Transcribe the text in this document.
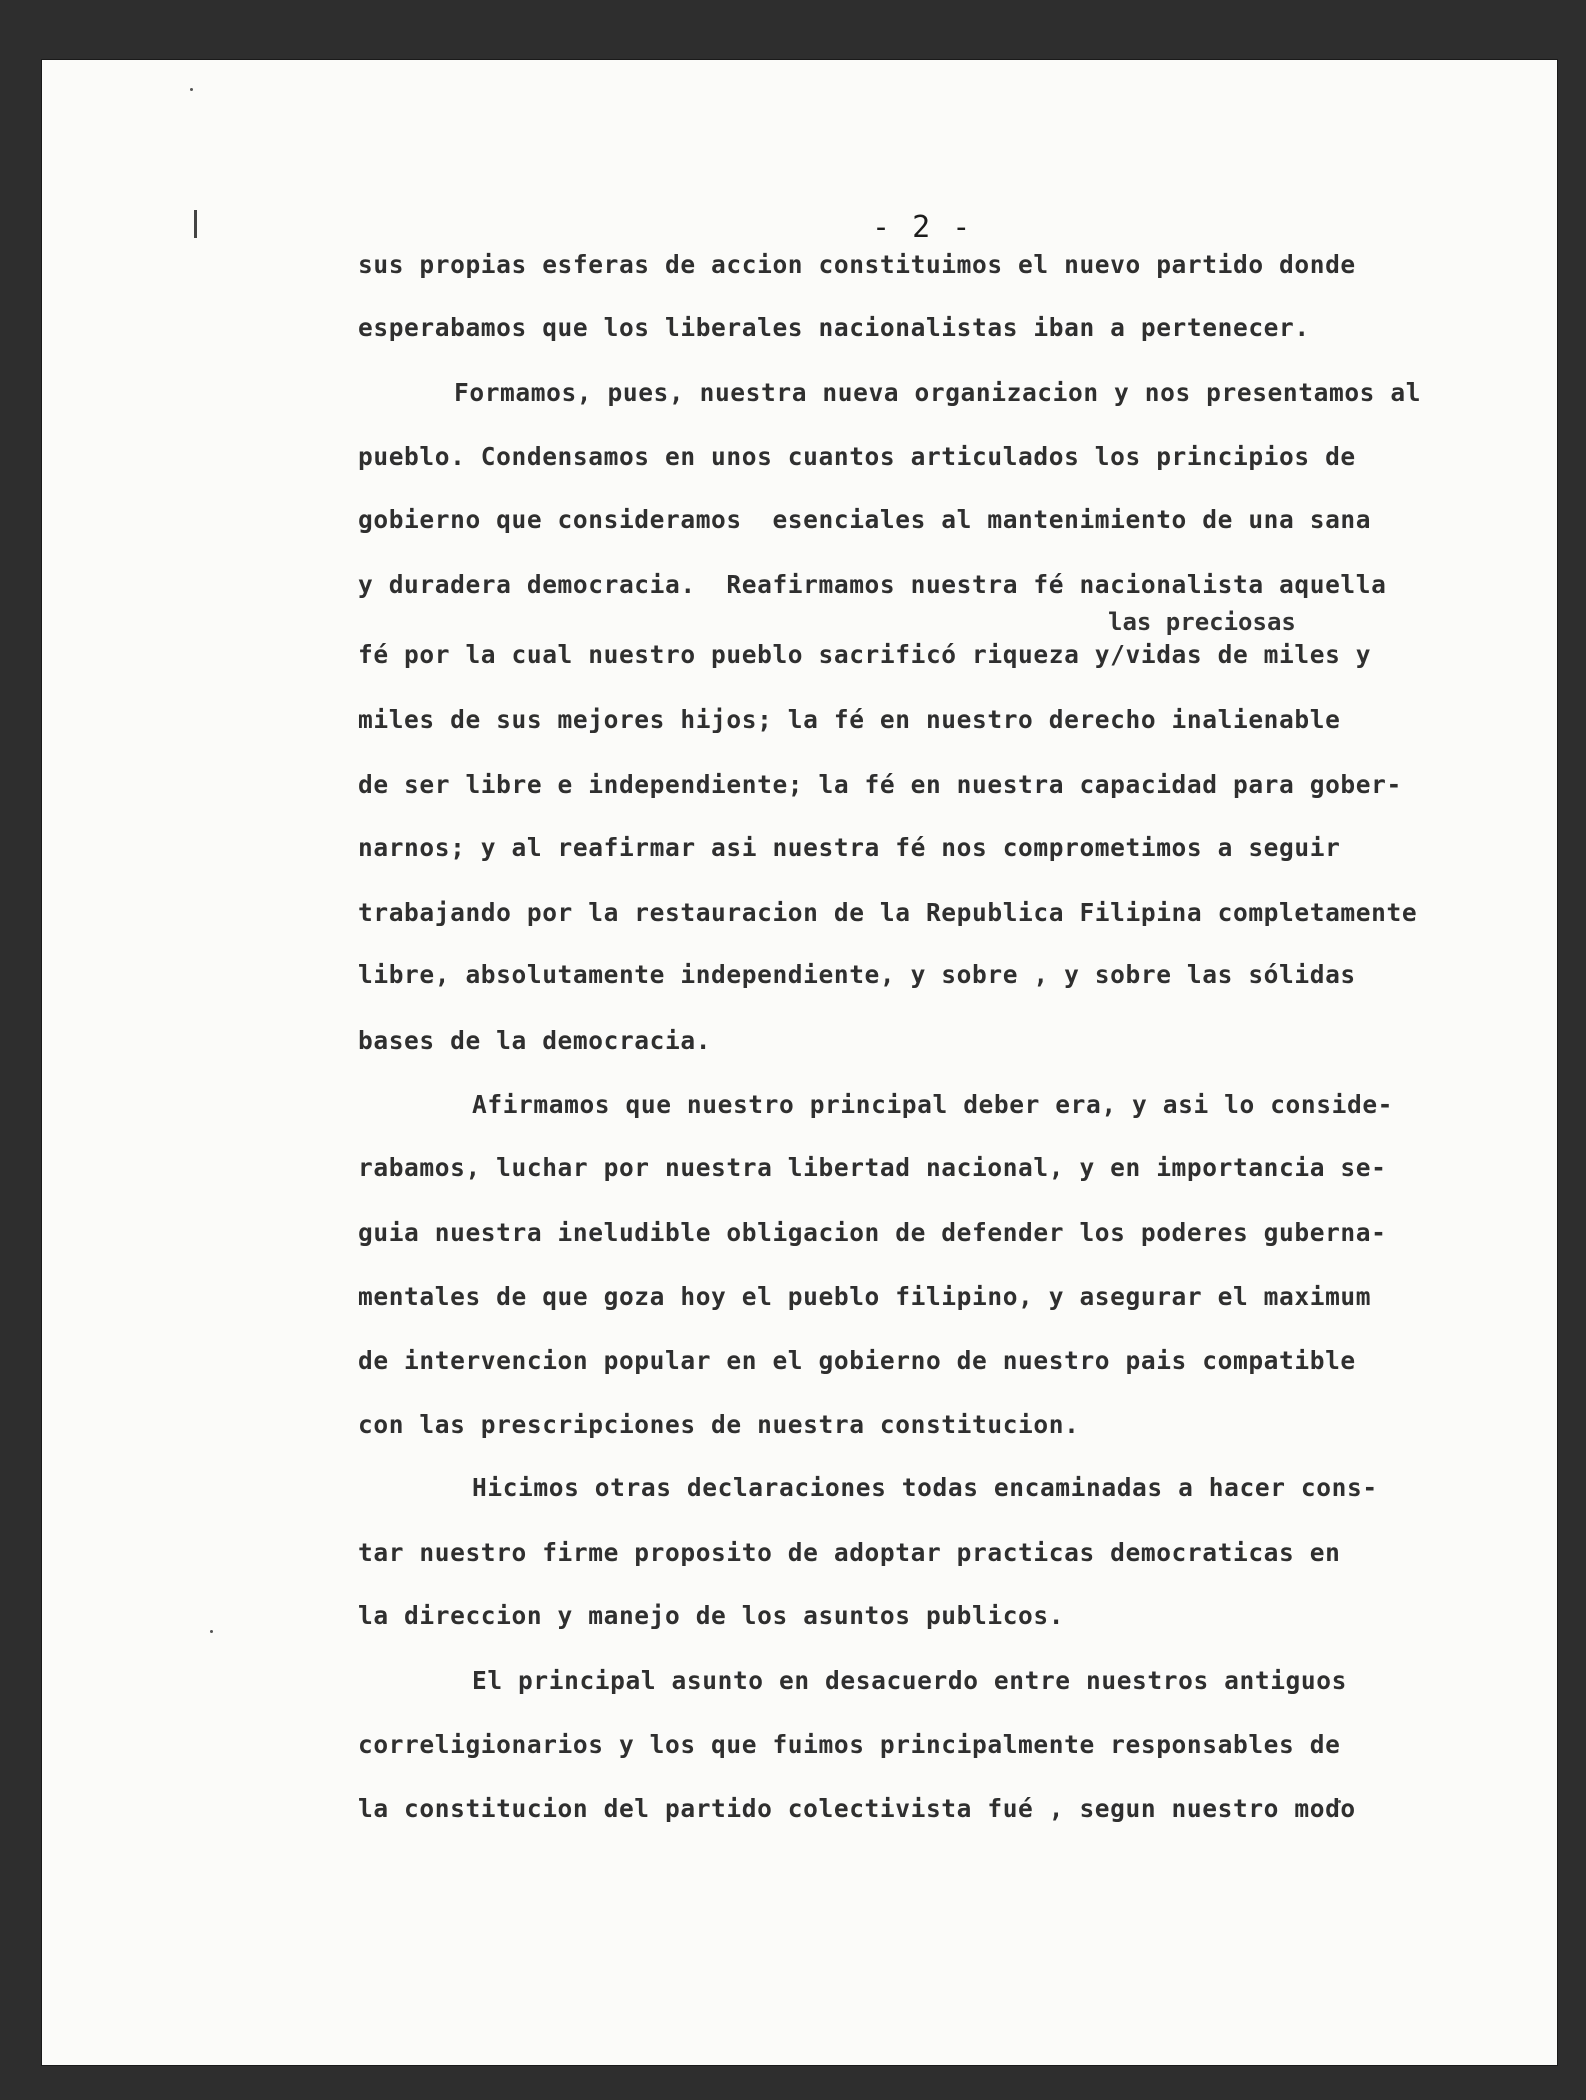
- 2 -
sus propias esferas de accion constituimos el nuevo partido donde
esperabamos que los liberales nacionalistas iban a pertenecer.
Formamos, pues, nuestra nueva organizacion y nos presentamos al
pueblo. Condensamos en unos cuantos articulados los principios de
gobierno que consideramos  esenciales al mantenimiento de una sana
y duradera democracia.  Reafirmamos nuestra fé nacionalista aquella
las preciosas
fé por la cual nuestro pueblo sacrificó riqueza y/vidas de miles y
miles de sus mejores hijos; la fé en nuestro derecho inalienable
de ser libre e independiente; la fé en nuestra capacidad para gober-
narnos; y al reafirmar asi nuestra fé nos comprometimos a seguir
trabajando por la restauracion de la Republica Filipina completamente
libre, absolutamente independiente, y sobre , y sobre las sólidas
bases de la democracia.
Afirmamos que nuestro principal deber era, y asi lo conside-
rabamos, luchar por nuestra libertad nacional, y en importancia se-
guia nuestra ineludible obligacion de defender los poderes guberna-
mentales de que goza hoy el pueblo filipino, y asegurar el maximum
de intervencion popular en el gobierno de nuestro pais compatible
con las prescripciones de nuestra constitucion.
Hicimos otras declaraciones todas encaminadas a hacer cons-
tar nuestro firme proposito de adoptar practicas democraticas en
la direccion y manejo de los asuntos publicos.
El principal asunto en desacuerdo entre nuestros antiguos
correligionarios y los que fuimos principalmente responsables de
la constitucion del partido colectivista fué , segun nuestro modo
